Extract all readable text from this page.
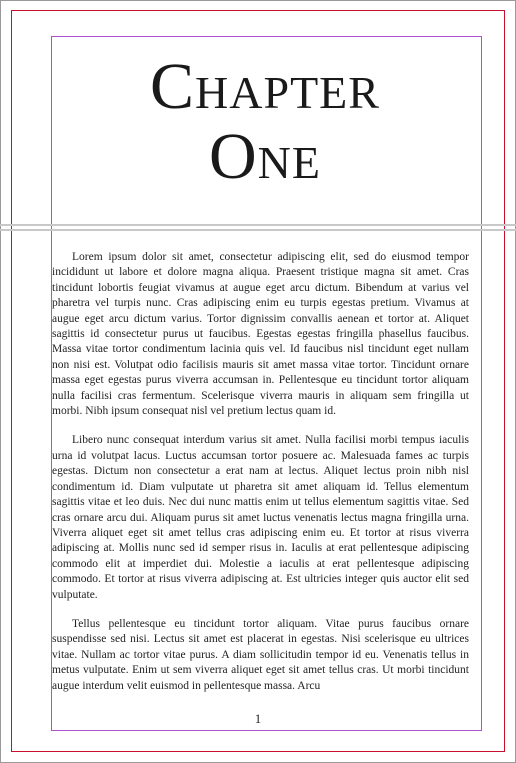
Chapter
One

Lorem ipsum dolor sit amet, consectetur adipiscing elit, sed do eiusmod tempor incididunt ut labore et dolore magna aliqua. Praesent tristique magna sit amet. Cras tincidunt lobortis feugiat vivamus at augue eget arcu dictum. Bibendum at varius vel pharetra vel turpis nunc. Cras adipiscing enim eu turpis egestas pretium. Vivamus at augue eget arcu dictum varius. Tortor dignissim convallis aenean et tortor at. Aliquet sagittis id consectetur purus ut faucibus. Egestas egestas fringilla phasellus faucibus. Massa vitae tortor condimentum lacinia quis vel. Id faucibus nisl tincidunt eget nullam non nisi est. Volutpat odio facilisis mauris sit amet massa vitae tortor. Tincidunt ornare massa eget egestas purus viverra accumsan in. Pellentesque eu tincidunt tortor aliquam nulla facilisi cras fermentum. Scelerisque viverra mauris in aliquam sem fringilla ut morbi. Nibh ipsum consequat nisl vel pretium lectus quam id.

Libero nunc consequat interdum varius sit amet. Nulla facilisi morbi tempus iaculis urna id volutpat lacus. Luctus accumsan tortor posuere ac. Malesuada fames ac turpis egestas. Dictum non consectetur a erat nam at lectus. Aliquet lectus proin nibh nisl condimentum id. Diam vulputate ut pharetra sit amet aliquam id. Tellus elementum sagittis vitae et leo duis. Nec dui nunc mattis enim ut tellus elementum sagittis vitae. Sed cras ornare arcu dui. Aliquam purus sit amet luctus venenatis lectus magna fringilla urna. Viverra aliquet eget sit amet tellus cras adipiscing enim eu. Et tortor at risus viverra adipiscing at. Mollis nunc sed id semper risus in. Iaculis at erat pellentesque adipiscing commodo elit at imperdiet dui. Molestie a iaculis at erat pellentesque adipiscing commodo. Et tortor at risus viverra adipiscing at. Est ultricies integer quis auctor elit sed vulputate.

Tellus pellentesque eu tincidunt tortor aliquam. Vitae purus faucibus ornare suspendisse sed nisi. Lectus sit amet est placerat in egestas. Nisi scelerisque eu ultrices vitae. Nullam ac tortor vitae purus. A diam sollicitudin tempor id eu. Venenatis tellus in metus vulputate. Enim ut sem viverra aliquet eget sit amet tellus cras. Ut morbi tincidunt augue interdum velit euismod in pellentesque massa. Arcu

1
